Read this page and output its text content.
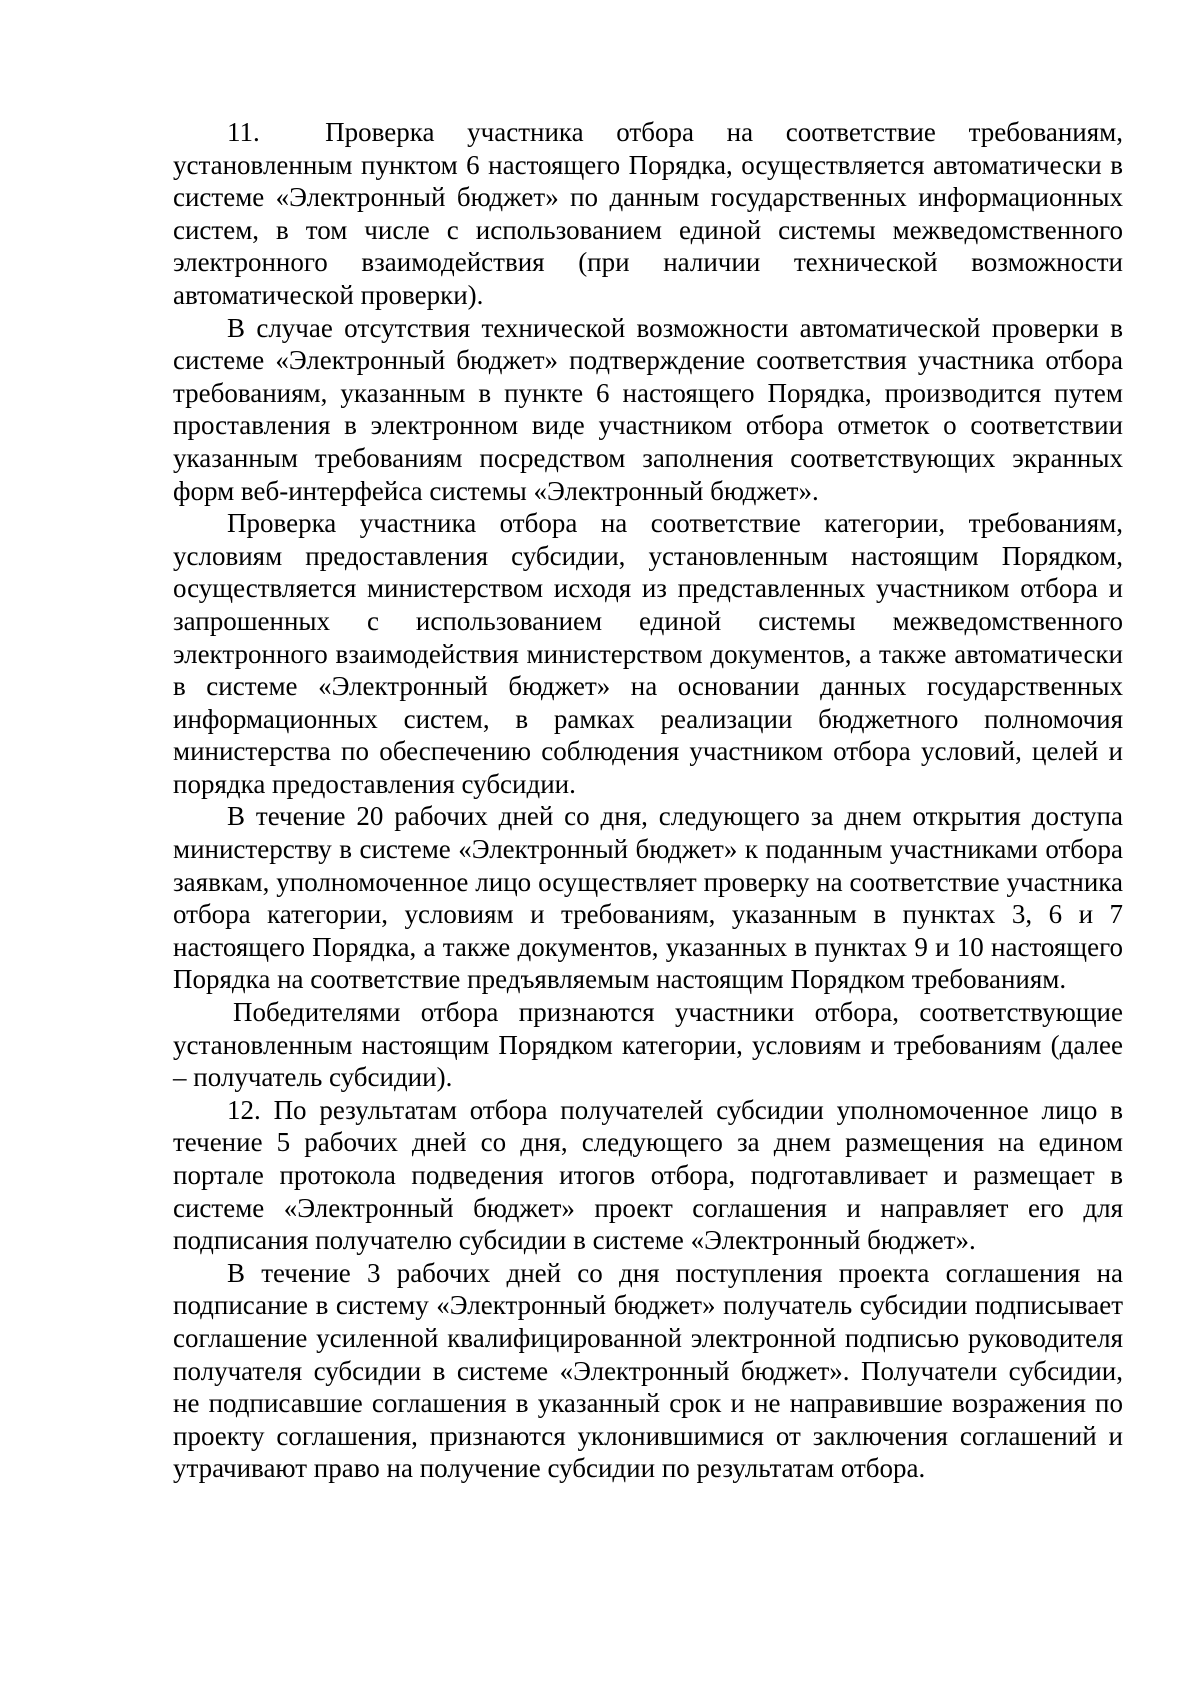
11.  Проверка участника отбора на соответствие требованиям, установленным пунктом 6 настоящего Порядка, осуществляется автоматически в системе «Электронный бюджет» по данным государственных информационных систем, в том числе с использованием единой системы межведомственного электронного взаимодействия (при наличии технической возможности автоматической проверки).

В случае отсутствия технической возможности автоматической проверки в системе «Электронный бюджет» подтверждение соответствия участника отбора требованиям, указанным в пункте 6 настоящего Порядка, производится путем проставления в электронном виде участником отбора отметок о соответствии указанным требованиям посредством заполнения соответствующих экранных форм веб-интерфейса системы «Электронный бюджет».

Проверка участника отбора на соответствие категории, требованиям, условиям предоставления субсидии, установленным настоящим Порядком, осуществляется министерством исходя из представленных участником отбора и запрошенных с использованием единой системы межведомственного электронного взаимодействия министерством документов, а также автоматически в системе «Электронный бюджет» на основании данных государственных информационных систем, в рамках реализации бюджетного полномочия министерства по обеспечению соблюдения участником отбора условий, целей и порядка предоставления субсидии.

В течение 20 рабочих дней со дня, следующего за днем открытия доступа министерству в системе «Электронный бюджет» к поданным участниками отбора заявкам, уполномоченное лицо осуществляет проверку на соответствие участника отбора категории, условиям и требованиям, указанным в пунктах 3, 6 и 7 настоящего Порядка, а также документов, указанных в пунктах 9 и 10 настоящего Порядка на соответствие предъявляемым настоящим Порядком требованиям.

Победителями отбора признаются участники отбора, соответствующие установленным настоящим Порядком категории, условиям и требованиям (далее – получатель субсидии).

12. По результатам отбора получателей субсидии уполномоченное лицо в течение 5 рабочих дней со дня, следующего за днем размещения на едином портале протокола подведения итогов отбора, подготавливает и размещает в системе «Электронный бюджет» проект соглашения и направляет его для подписания получателю субсидии в системе «Электронный бюджет».

В течение 3 рабочих дней со дня поступления проекта соглашения на подписание в систему «Электронный бюджет» получатель субсидии подписывает соглашение усиленной квалифицированной электронной подписью руководителя получателя субсидии в системе «Электронный бюджет». Получатели субсидии, не подписавшие соглашения в указанный срок и не направившие возражения по проекту соглашения, признаются уклонившимися от заключения соглашений и утрачивают право на получение субсидии по результатам отбора.
